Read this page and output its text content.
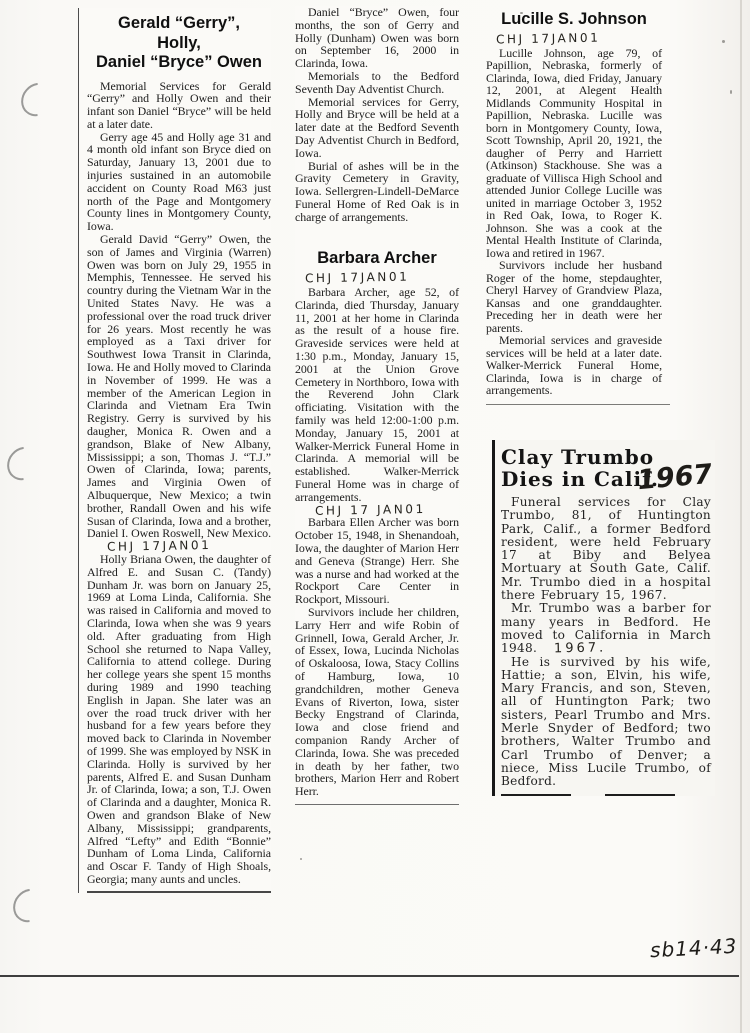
Gerald “Gerry”,
Holly,
Daniel “Bryce” Owen

Memorial Services for Gerald “Gerry” and Holly Owen and their infant son Daniel “Bryce” will be held at a later date.

Gerry age 45 and Holly age 31 and 4 month old infant son Bryce died on Saturday, January 13, 2001 due to injuries sustained in an automobile accident on County Road M63 just north of the Page and Montgomery County lines in Montgomery County, Iowa.

Gerald David “Gerry” Owen, the son of James and Virginia (Warren) Owen was born on July 29, 1955 in Memphis, Tennessee. He served his country during the Vietnam War in the United States Navy. He was a professional over the road truck driver for 26 years. Most recently he was employed as a Taxi driver for Southwest Iowa Transit in Clarinda, Iowa. He and Holly moved to Clarinda in November of 1999. He was a member of the American Legion in Clarinda and Vietnam Era Twin Registry. Gerry is survived by his daugher, Monica R. Owen and a grandson, Blake of New Albany, Mississippi; a son, Thomas J. “T.J.” Owen of Clarinda, Iowa; parents, James and Virginia Owen of Albuquerque, New Mexico; a twin brother, Randall Owen and his wife Susan of Clarinda, Iowa and a brother, Daniel I. Owen Roswell, New Mexico.CHJ 17JAN01

Holly Briana Owen, the daughter of Alfred E. and Susan C. (Tandy) Dunham Jr. was born on January 25, 1969 at Loma Linda, California. She was raised in California and moved to Clarinda, Iowa when she was 9 years old. After graduating from High School she returned to Napa Valley, California to attend college. During her college years she spent 15 months during 1989 and 1990 teaching English in Japan. She later was an over the road truck driver with her husband for a few years before they moved back to Clarinda in November of 1999. She was employed by NSK in Clarinda. Holly is survived by her parents, Alfred E. and Susan Dunham Jr. of Clarinda, Iowa; a son, T.J. Owen of Clarinda and a daughter, Monica R. Owen and grandson Blake of New Albany, Mississippi; grandparents, Alfred “Lefty” and Edith “Bonnie” Dunham of Loma Linda, California and Oscar F. Tandy of High Shoals, Georgia; many aunts and uncles.

Daniel “Bryce” Owen, four months, the son of Gerry and Holly (Dunham) Owen was born on September 16, 2000 in Clarinda, Iowa.

Memorials to the Bedford Seventh Day Adventist Church.

Memorial services for Gerry, Holly and Bryce will be held at a later date at the Bedford Seventh Day Adventist Church in Bedford, Iowa.

Burial of ashes will be in the Gravity Cemetery in Gravity, Iowa. Sellergren-Lindell-DeMarce Funeral Home of Red Oak is in charge of arrangements.

Barbara Archer
CHJ 17JAN01

Barbara Archer, age 52, of Clarinda, died Thursday, January 11, 2001 at her home in Clarinda as the result of a house fire. Graveside services were held at 1:30 p.m., Monday, January 15, 2001 at the Union Grove Cemetery in Northboro, Iowa with the Reverend John Clark officiating. Visitation with the family was held 12:00-1:00 p.m. Monday, January 15, 2001 at Walker-Merrick Funeral Home in Clarinda. A memorial will be established. Walker-Merrick Funeral Home was in charge of arrangements.CHJ 17 JAN01

Barbara Ellen Archer was born October 15, 1948, in Shenandoah, Iowa, the daughter of Marion Herr and Geneva (Strange) Herr. She was a nurse and had worked at the Rockport Care Center in Rockport, Missouri.

Survivors include her children, Larry Herr and wife Robin of Grinnell, Iowa, Gerald Archer, Jr. of Essex, Iowa, Lucinda Nicholas of Oskaloosa, Iowa, Stacy Collins of Hamburg, Iowa, 10 grandchildren, mother Geneva Evans of Riverton, Iowa, sister Becky Engstrand of Clarinda, Iowa and close friend and companion Randy Archer of Clarinda, Iowa. She was preceded in death by her father, two brothers, Marion Herr and Robert Herr.

Lucille S. Johnson
CHJ 17JAN01

Lucille Johnson, age 79, of Papillion, Nebraska, formerly of Clarinda, Iowa, died Friday, January 12, 2001, at Alegent Health Midlands Community Hospital in Papillion, Nebraska. Lucille was born in Montgomery County, Iowa, Scott Township, April 20, 1921, the daugher of Perry and Harriett (Atkinson) Stackhouse. She was a graduate of Villisca High School and attended Junior College Lucille was united in marriage October 3, 1952 in Red Oak, Iowa, to Roger K. Johnson. She was a cook at the Mental Health Institute of Clarinda, Iowa and retired in 1967.

Survivors include her husband Roger of the home, stepdaughter, Cheryl Harvey of Grandview Plaza, Kansas and one granddaughter. Preceding her in death were her parents.

Memorial services and graveside services will be held at a later date. Walker-Merrick Funeral Home, Clarinda, Iowa is in charge of arrangements.

Clay Trumbo
Dies in Calif.
1967

Funeral services for Clay Trumbo, 81, of Huntington Park, Calif., a former Bedford resident, were held February 17 at Biby and Belyea Mortuary at South Gate, Calif. Mr. Trumbo died in a hospital there February 15, 1967.

Mr. Trumbo was a barber for many years in Bedford. He moved to California in March 1948. 1967.

He is survived by his wife, Hattie; a son, Elvin, his wife, Mary Francis, and son, Steven, all of Huntington Park; two sisters, Pearl Trumbo and Mrs. Merle Snyder of Bedford; two brothers, Walter Trumbo and Carl Trumbo of Denver; a niece, Miss Lucile Trumbo, of Bedford.

sb14·43
